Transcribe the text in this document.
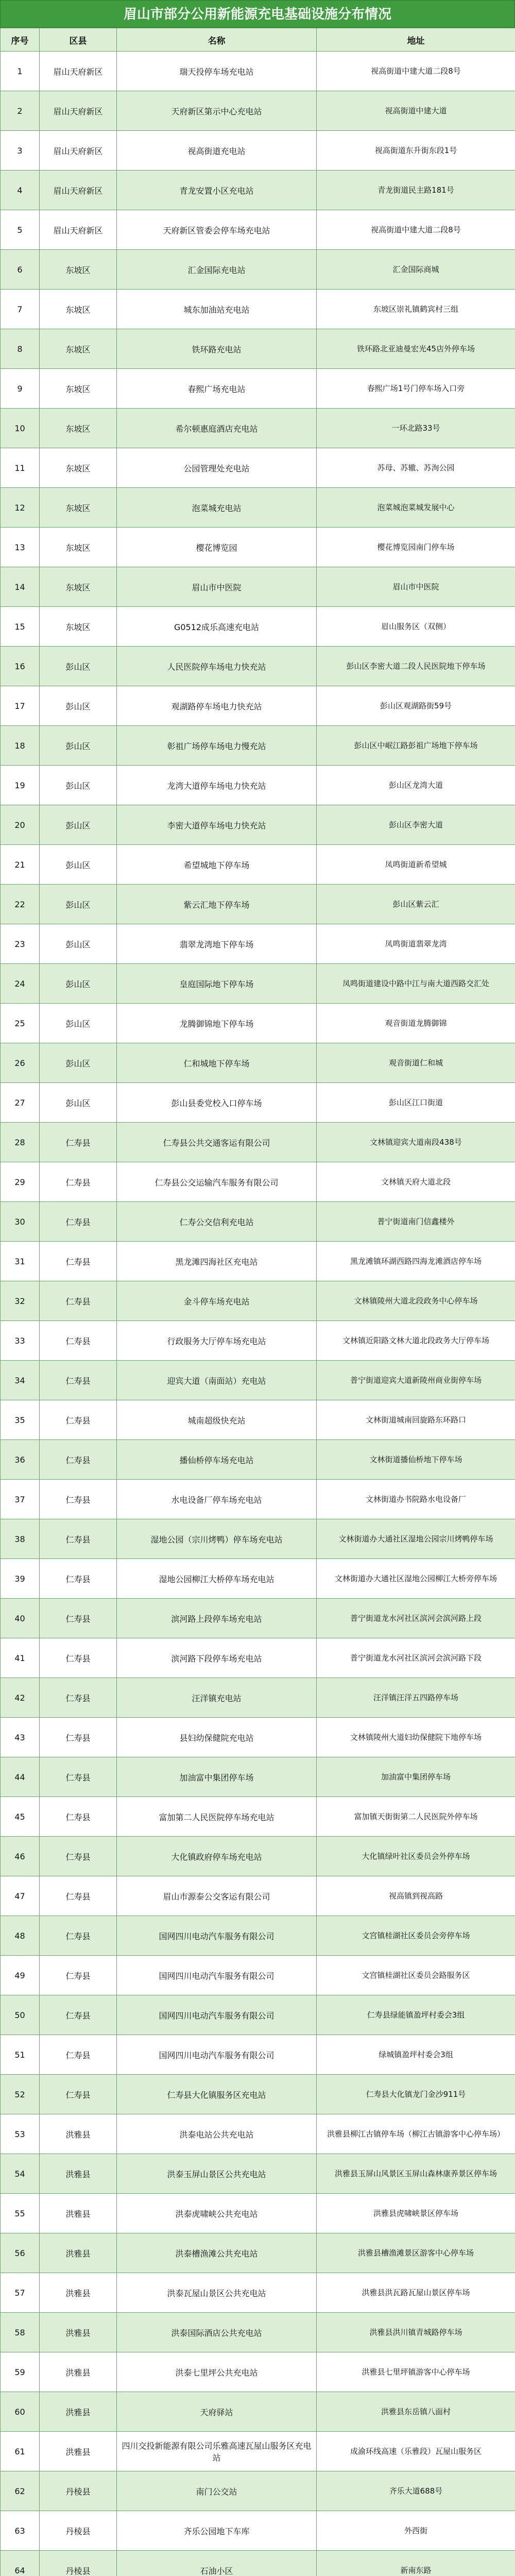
眉山市部分公用新能源充电基础设施分布情况
序号	区县	名称	地址
1	眉山天府新区	瑞天投停车场充电站	视高街道中建大道二段8号
2	眉山天府新区	天府新区第示中心充电站	视高街道中建大道
3	眉山天府新区	视高街道充电站	视高街道东升街东段1号
4	眉山天府新区	青龙安置小区充电站	青龙街道民主路181号
5	眉山天府新区	天府新区管委会停车场充电站	视高街道中建大道二段8号
6	东坡区	汇金国际充电站	汇金国际商城
7	东坡区	城东加油站充电站	东坡区崇礼镇鹤宾村三组
8	东坡区	铁环路充电站	铁环路北亚迪曼宏光45店外停车场
9	东坡区	春熙广场充电站	春熙广场1号门停车场入口旁
10	东坡区	希尔顿惠庭酒店充电站	一环北路33号
11	东坡区	公园管理处充电站	苏母、苏辙、苏洵公园
12	东坡区	泡菜城充电站	泡菜城泡菜城发展中心
13	东坡区	樱花博览园	樱花博览园南门停车场
14	东坡区	眉山市中医院	眉山市中医院
15	东坡区	G0512成乐高速充电站	眉山服务区（双侧）
16	彭山区	人民医院停车场电力快充站	彭山区李密大道二段人民医院地下停车场
17	彭山区	观湖路停车场电力快充站	彭山区观湖路街59号
18	彭山区	彰祖广场停车场电力慢充站	彭山区中岷江路彭祖广场地下停车场
19	彭山区	龙湾大道停车场电力快充站	彭山区龙湾大道
20	彭山区	李密大道停车场电力快充站	彭山区李密大道
21	彭山区	希望城地下停车场	凤鸣街道新希望城
22	彭山区	紫云汇地下停车场	彭山区紫云汇
23	彭山区	翡翠龙湾地下停车场	凤鸣街道翡翠龙湾
24	彭山区	皇庭国际地下停车场	凤鸣街道建设中路中江与南大道西路交汇处
25	彭山区	龙腾御锦地下停车场	观音街道龙腾御锦
26	彭山区	仁和城地下停车场	观音街道仁和城
27	彭山区	彭山县委党校入口停车场	彭山区江口街道
28	仁寿县	仁寿县公共交通客运有限公司	文林镇迎宾大道南段438号
29	仁寿县	仁寿县公交运输汽车服务有限公司	文林镇天府大道北段
30	仁寿县	仁寿公交信利充电站	普宁街道南门信鑫楼外
31	仁寿县	黑龙滩四海社区充电站	黑龙滩镇环湖西路四海龙滩酒店停车场
32	仁寿县	金斗停车场充电站	文林镇陵州大道北段政务中心停车场
33	仁寿县	行政服务大厅停车场充电站	文林镇近阳路文林大道北段政务大厅停车场
34	仁寿县	迎宾大道（南面站）充电站	普宁街道迎宾大道新陵州商业街停车场
35	仁寿县	城南超级快充站	文林街道城南回旋路东环路口
36	仁寿县	播仙桥停车场充电站	文林街道播仙桥地下停车场
37	仁寿县	水电设备厂停车场充电站	文林街道办书院路水电设备厂
38	仁寿县	湿地公园（宗川烤鸭）停车场充电站	文林街道办大通社区湿地公园宗川烤鸭停车场
39	仁寿县	湿地公园柳江大桥停车场充电站	文林街道办大通社区湿地公园柳江大桥旁停车场
40	仁寿县	滨河路上段停车场充电站	普宁街道龙水河社区滨河会滨河路上段
41	仁寿县	滨河路下段停车场充电站	普宁街道龙水河社区滨河会滨河路下段
42	仁寿县	汪洋镇充电站	汪洋镇汪洋五四路停车场
43	仁寿县	县妇幼保健院充电站	文林镇陵州大道妇幼保健院下地停车场
44	仁寿县	加油富中集团停车场	加油富中集团停车场
45	仁寿县	富加第二人民医院停车场充电站	富加镇天街街第二人民医院外停车场
46	仁寿县	大化镇政府停车场充电站	大化镇绿叶社区委员会外停车场
47	仁寿县	眉山市源泰公交客运有限公司	视高镇到视高路
48	仁寿县	国网四川电动汽车服务有限公司	文宫镇桂湖社区委员会旁停车场
49	仁寿县	国网四川电动汽车服务有限公司	文宫镇桂湖社区委员会路服务区
50	仁寿县	国网四川电动汽车服务有限公司	仁寿县绿能镇盈坪村委会3组
51	仁寿县	国网四川电动汽车服务有限公司	绿城镇盈坪村委会3组
52	仁寿县	仁寿县大化镇服务区充电站	仁寿县大化镇龙门金沙911号
53	洪雅县	洪泰电站公共充电站	洪雅县柳江古镇停车场（柳江古镇游客中心停车场）
54	洪雅县	洪泰玉屏山景区公共充电站	洪雅县玉屏山风景区玉屏山森林康养景区停车场
55	洪雅县	洪泰虎啸峡公共充电站	洪雅县虎啸峡景区停车场
56	洪雅县	洪泰槽渔滩公共充电站	洪雅县槽渔滩景区游客中心停车场
57	洪雅县	洪泰瓦屋山景区公共充电站	洪雅县洪瓦路瓦屋山景区停车场
58	洪雅县	洪泰国际酒店公共充电站	洪雅县洪川镇青城路停车场
59	洪雅县	洪泰七里坪公共充电站	洪雅县七里坪镇游客中心停车场
60	洪雅县	天府驿站	洪雅县东岳镇八面村
61	洪雅县	四川交投新能源有限公司乐雅高速瓦屋山服务区充电站	成渝环线高速（乐雅段）瓦屋山服务区
62	丹棱县	南门公交站	齐乐大道688号
63	丹棱县	齐乐公园地下车库	外西街
64	丹棱县	石油小区	新南东路
